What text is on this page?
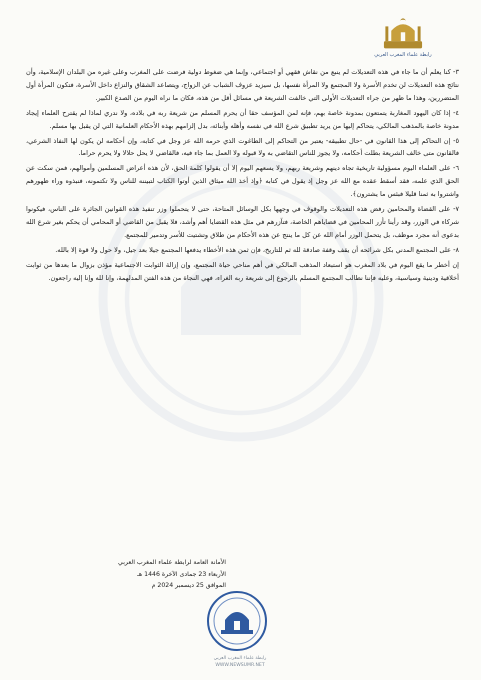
رابطة علماء المغرب العربي

٣- كنا يعلم أن ما جاء في هذه التعديلات لم ينبع من نقاش فقهي أو اجتماعي، وإنما هي ضغوط دولية فرضت على المغرب وعلى غيره من البلدان الإسلامية، وأن نتائج هذه التعديلات لن تخدم الأسرة ولا المجتمع ولا المرأة نفسها، بل سيزيد عزوف الشباب عن الزواج، ويتصاعد الشقاق والنزاع داخل الأسرة، فتكون المرأة أول المتضررين، وهذا ما ظهر من جراء التعديلات الأولى التي خالفت الشريعة في مسائل أقل من هذه، فكان ما نراه اليوم من الصدع الكبير.

٤- إذا كان اليهود المغاربة يتمتعون بمدونة خاصة بهم، فإنه لمن المؤسف حقا أن يحرم المسلم من شريعة ربه في بلاده، ولا ندري لماذا لم يقترح العلماء إيجاد مدونة خاصة بالمذهب المالكي، يتحاكم إليها من يريد تطبيق شرع الله في نفسه وأهله وأبنائه، بدل إلزامهم بهذه الأحكام العلمانية التي لن يقبل بها مسلم.

٥- إن التحاكم إلى هذا القانون في -حال تطبيقه- يعتبر من التحاكم إلى الطاغوت الذي حرمه الله عز وجل في كتابه، وإن أحكامه لن يكون لها النفاذ الشرعي، فالقانون متى خالف الشريعة بطلت أحكامه، ولا يجوز للناس التقاضي به ولا قبوله ولا العمل بما جاء فيه، فالقاضي لا يحل حلالا ولا يحرم حراما.

٦- على العلماء اليوم مسؤولية تاريخية تجاه دينهم وشريعة ربهم، ولا يسعهم اليوم إلا أن يقولوا كلمة الحق، لأن هذه أعراض المسلمين وأموالهم، فمن سكت عن الحق الذي علمه، فقد أسقط عقده مع الله عز وجل إذ يقول في كتابه ﴿وإذ أخذ الله ميثاق الذين أوتوا الكتاب لتبيننه للناس ولا تكتمونه، فنبذوه وراء ظهورهم واشتروا به ثمنا قليلا فبئس ما يشترون﴾.

٧- على القضاة والمحامين رفض هذه التعديلات والوقوف في وجهها بكل الوسائل المتاحة، حتى لا يتحملوا وزر تنفيذ هذه القوانين الجائرة على الناس، فيكونوا شركاء في الوزر، وقد رأينا تأزر المحامين في قضاياهم الخاصة، فتآزرهم في مثل هذه القضايا أهم وأشد، فلا يقبل من القاضي أو المحامي أن يحكم بغير شرع الله بدعوى أنه مجرد موظف، بل يتحمل الوزر أمام الله عن كل ما ينتج عن هذه الأحكام من طلاق وتشتيت للأسر وتدمير للمجتمع.

٨- على المجتمع المدني بكل شرائحه أن يقف وقفة صادقة لله ثم للتاريخ، فإن ثمن هذه الأخطاء يدفعها المجتمع جيلا بعد جيل، ولا حول ولا قوة إلا بالله.

إن أخطر ما يقع اليوم في بلاد المغرب هو استبعاد المذهب المالكي في أهم مناحي حياة المجتمع، وإن إزالة الثوابت الاجتماعية مؤذن بزوال ما بعدها من ثوابت أخلاقية ودينية وسياسية، وعليه فإننا نطالب المجتمع المسلم بالرجوع إلى شريعة ربه الغراء، فهي النجاة من هذه الفتن المدلهمة، وإنا لله وإنا إليه راجعون.

الأمانة العامة لرابطة علماء المغرب العربي
الأربعاء 23 جمادى الآخرة 1446 هـ
الموافق 25 ديسمبر 2024 م
رابطة علماء المغرب العربي
WWW.NEWSUMR.NET
